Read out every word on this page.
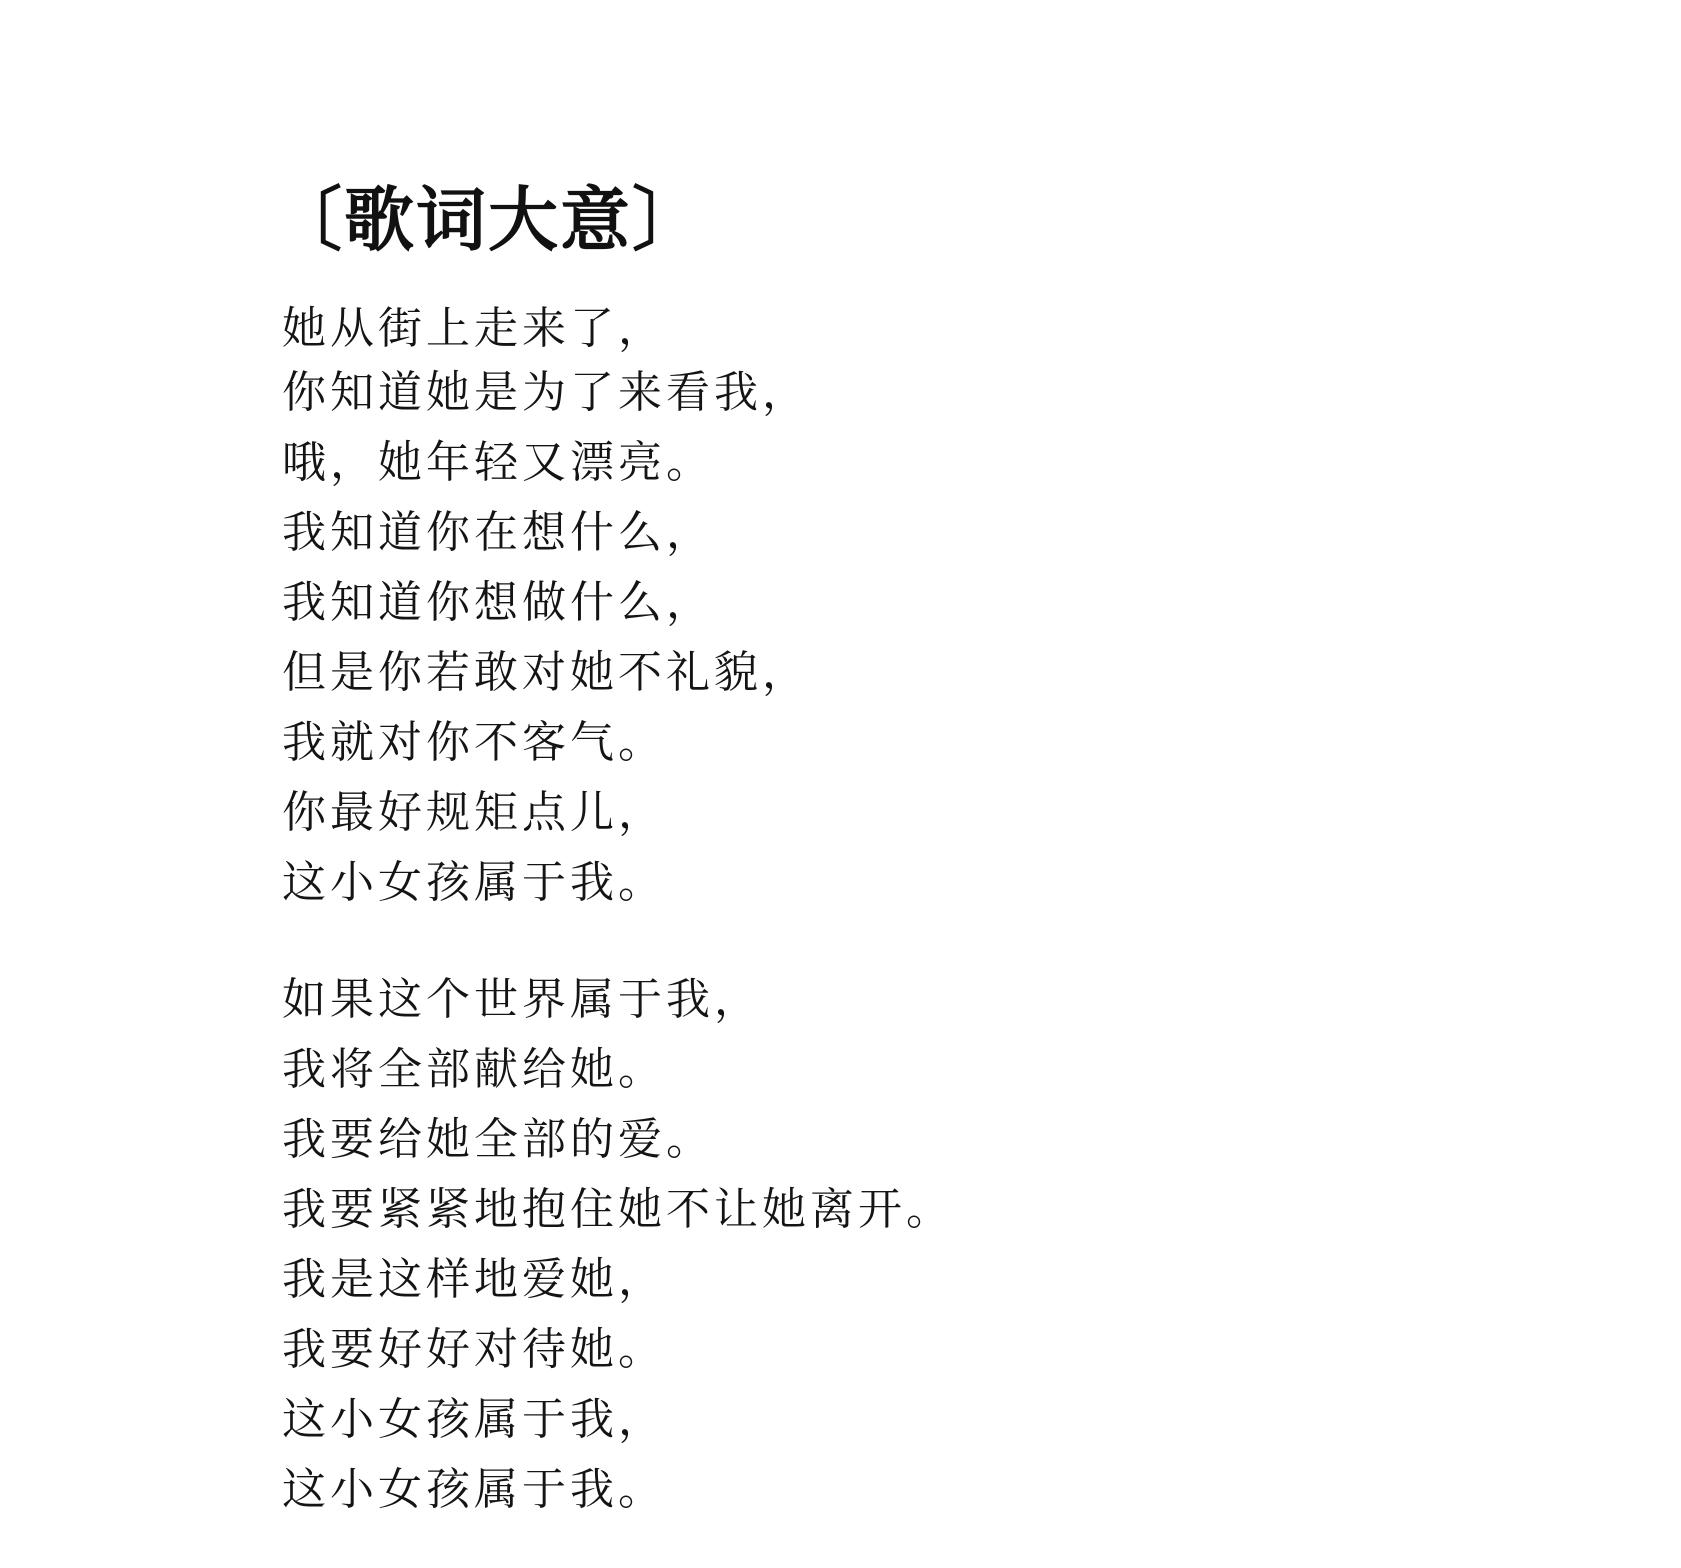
〔歌词大意〕
她从街上走来了，
你知道她是为了来看我，
哦，她年轻又漂亮。
我知道你在想什么，
我知道你想做什么，
但是你若敢对她不礼貌，
我就对你不客气。
你最好规矩点儿，
这小女孩属于我。
如果这个世界属于我，
我将全部献给她。
我要给她全部的爱。
我要紧紧地抱住她不让她离开。
我是这样地爱她，
我要好好对待她。
这小女孩属于我，
这小女孩属于我。
